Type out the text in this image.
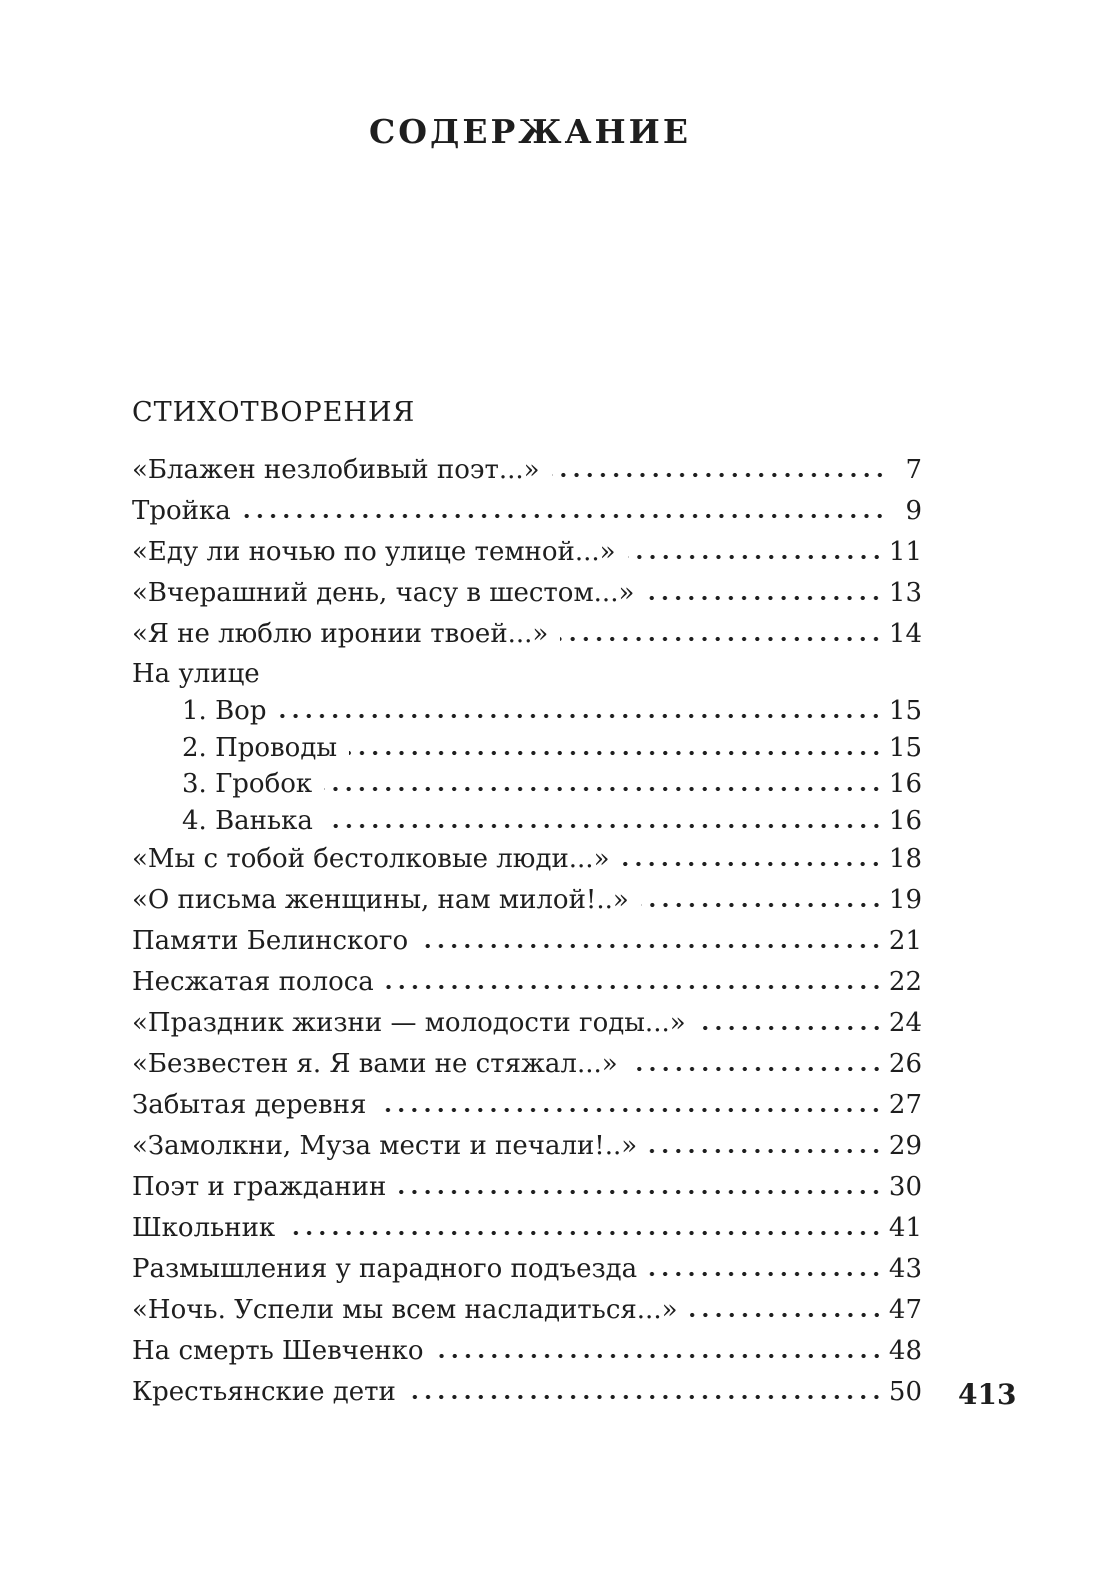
СОДЕРЖАНИЕ
СТИХОТВОРЕНИЯ
«Блажен незлобивый поэт...»	7
Тройка	9
«Еду ли ночью по улице темной...»	11
«Вчерашний день, часу в шестом...»	13
«Я не люблю иронии твоей...»	14
На улице
1. Вор	15
2. Проводы	15
3. Гробок	16
4. Ванька	16
«Мы с тобой бестолковые люди...»	18
«О письма женщины, нам милой!..»	19
Памяти Белинского	21
Несжатая полоса	22
«Праздник жизни — молодости годы...»	24
«Безвестен я. Я вами не стяжал...»	26
Забытая деревня	27
«Замолкни, Муза мести и печали!..»	29
Поэт и гражданин	30
Школьник	41
Размышления у парадного подъезда	43
«Ночь. Успели мы всем насладиться...»	47
На смерть Шевченко	48
Крестьянские дети	50 413
